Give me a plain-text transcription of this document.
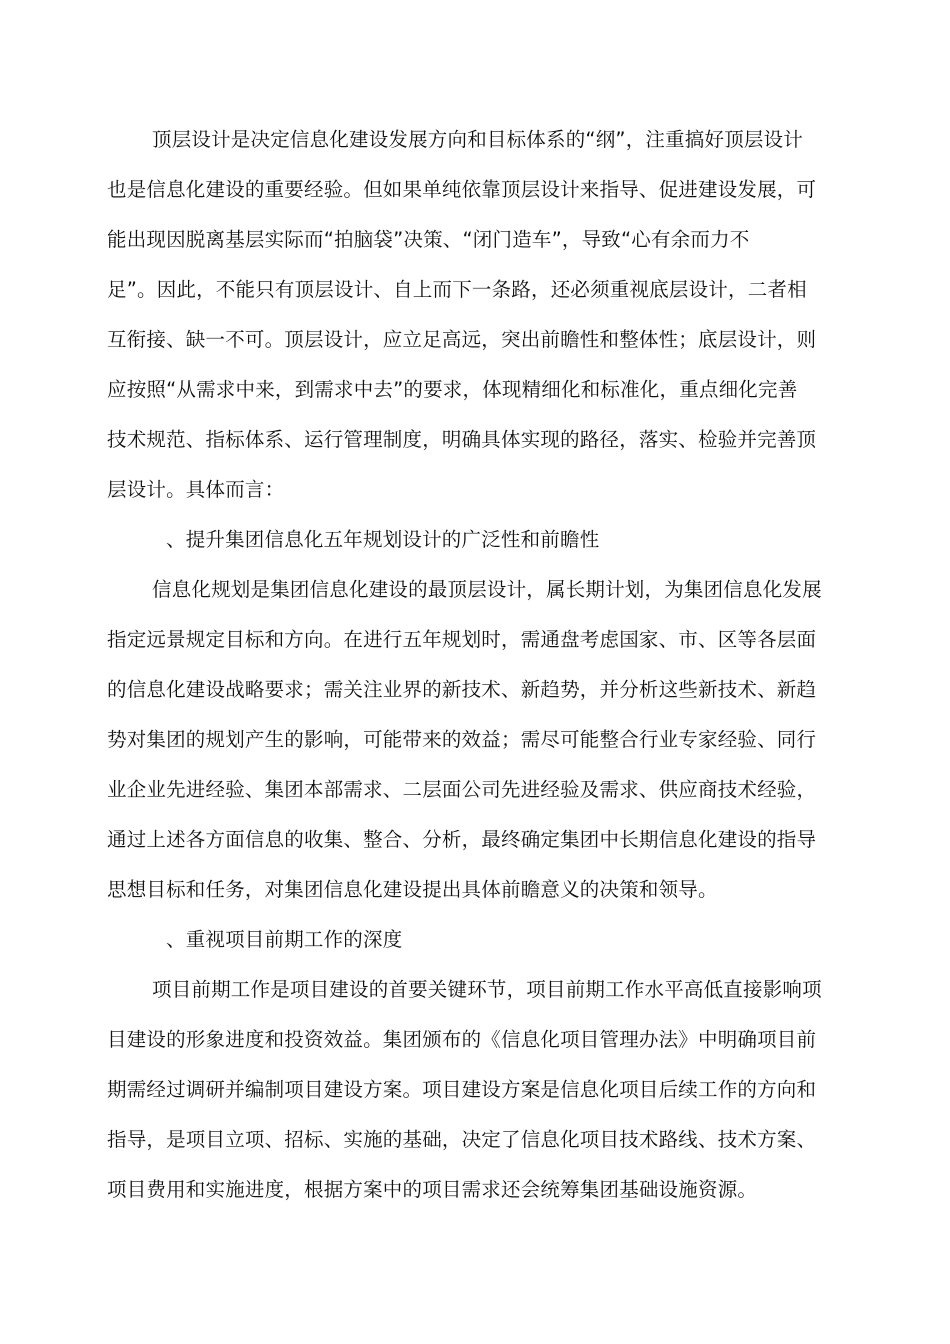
顶层设计是决定信息化建设发展方向和目标体系的“纲”，注重搞好顶层设计
也是信息化建设的重要经验。但如果单纯依靠顶层设计来指导、促进建设发展，可
能出现因脱离基层实际而“拍脑袋”决策、“闭门造车”，导致“心有余而力不
足”。因此，不能只有顶层设计、自上而下一条路，还必须重视底层设计，二者相
互衔接、缺一不可。顶层设计，应立足高远，突出前瞻性和整体性；底层设计，则
应按照“从需求中来，到需求中去”的要求，体现精细化和标准化，重点细化完善
技术规范、指标体系、运行管理制度，明确具体实现的路径，落实、检验并完善顶
层设计。具体而言：
、提升集团信息化五年规划设计的广泛性和前瞻性
信息化规划是集团信息化建设的最顶层设计，属长期计划，为集团信息化发展
指定远景规定目标和方向。在进行五年规划时，需通盘考虑国家、市、区等各层面
的信息化建设战略要求；需关注业界的新技术、新趋势，并分析这些新技术、新趋
势对集团的规划产生的影响，可能带来的效益；需尽可能整合行业专家经验、同行
业企业先进经验、集团本部需求、二层面公司先进经验及需求、供应商技术经验，
通过上述各方面信息的收集、整合、分析，最终确定集团中长期信息化建设的指导
思想目标和任务，对集团信息化建设提出具体前瞻意义的决策和领导。
、重视项目前期工作的深度
项目前期工作是项目建设的首要关键环节，项目前期工作水平高低直接影响项
目建设的形象进度和投资效益。集团颁布的《信息化项目管理办法》中明确项目前
期需经过调研并编制项目建设方案。项目建设方案是信息化项目后续工作的方向和
指导，是项目立项、招标、实施的基础，决定了信息化项目技术路线、技术方案、
项目费用和实施进度，根据方案中的项目需求还会统筹集团基础设施资源。
